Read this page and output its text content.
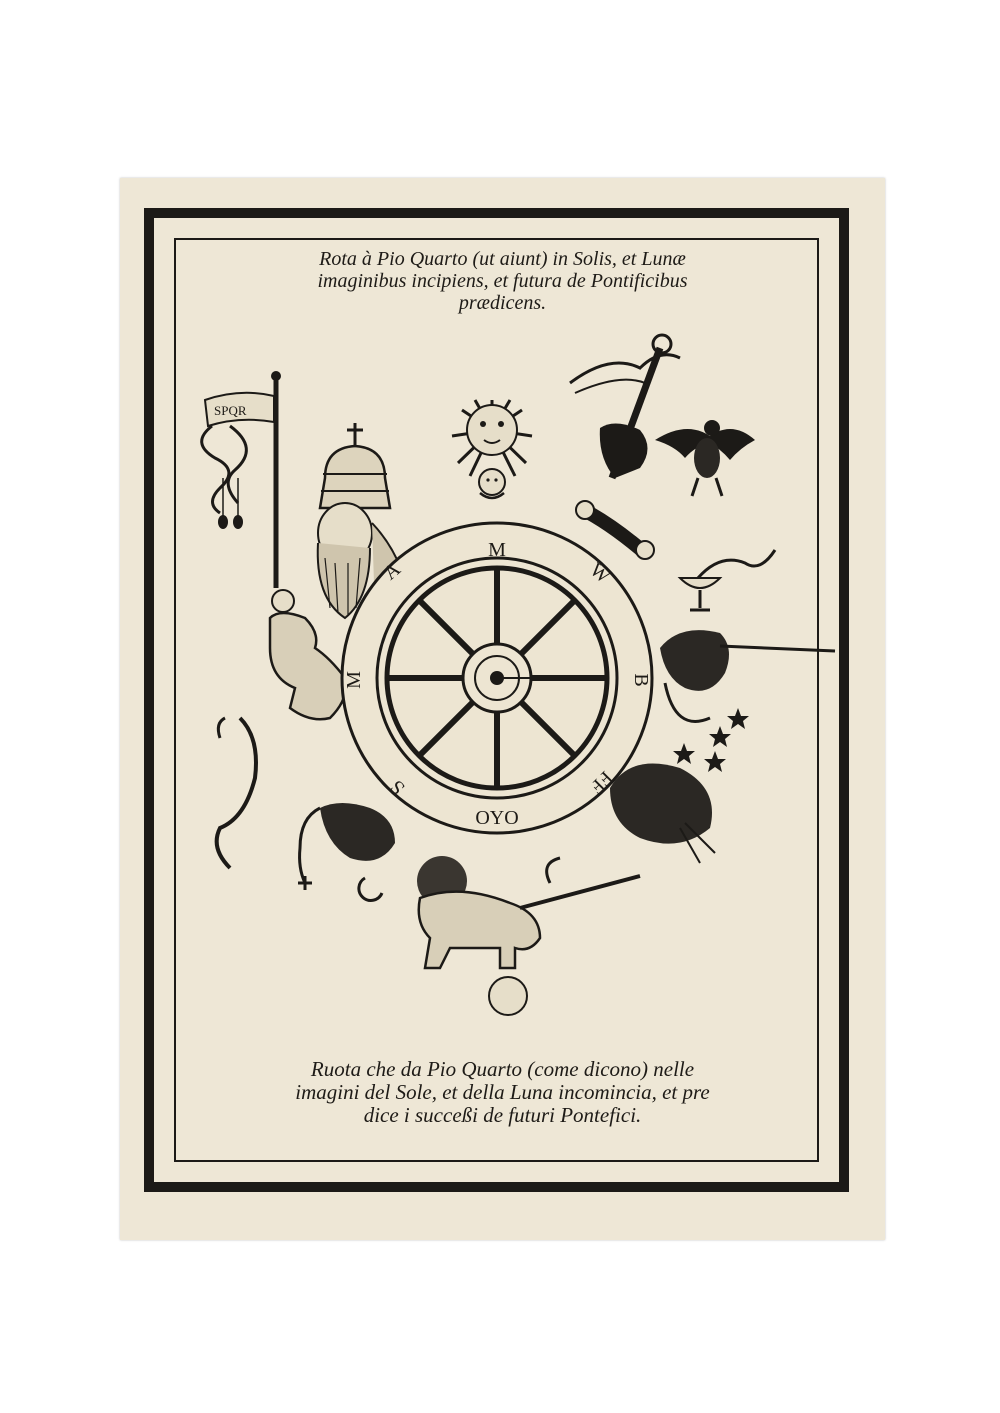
Rota à Pio Quarto (ut aiunt) in Solis, et Lunæ
imaginibus incipiens, et futura de Pontificibus
prædicens.

SPQR
M
W
B
FF
OYO
S
M
A

Ruota che da Pio Quarto (come dicono) nelle
imagini del Sole, et della Luna incomincia, et pre
dice i succeßi de futuri Pontefici.
